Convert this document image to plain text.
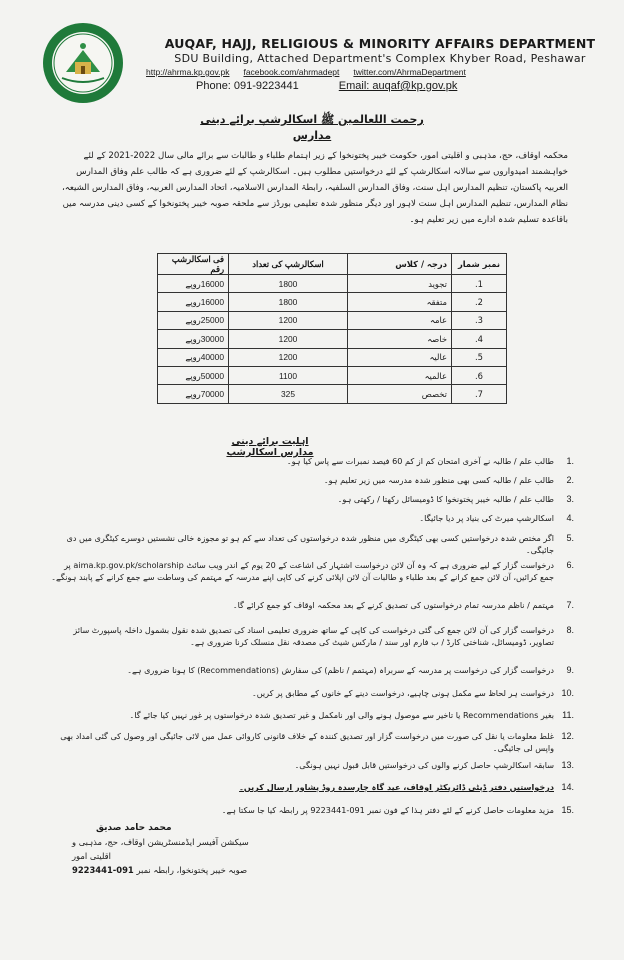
AUQAF, HAJJ, RELIGIOUS & MINORITY AFFAIRS DEPARTMENT
SDU Building, Attached Department's Complex Khyber Road, Peshawar
http://ahrma.kp.gov.pk facebook.com/ahrmadept twitter.com/AhrmaDepartment
Phone: 091-9223441	Email: auqaf@kp.gov.pk
رحمت اللعالمین ﷺ اسکالرشپ برائے دینی مدارس
محکمہ اوقاف، حج، مذہبی و اقلیتی امور، حکومت خیبر پختونخوا کے زیر اہتمام طلباء و طالبات سے برائے مالی سال 2022-2021 کے لئے خواہشمند امیدواروں سے سالانہ اسکالرشپ کے لئے درخواستیں مطلوب ہیں۔ اسکالرشپ کے لئے ضروری ہے کہ طالب علم وفاق المدارس العربیہ پاکستان، تنظیم المدارس اہل سنت، وفاق المدارس السلفیہ، رابطۃ المدارس الاسلامیہ، اتحاد المدارس العربیہ، وفاق المدارس الشیعہ، نظام المدارس، تنظیم المدارس اہل سنت لاہور اور دیگر منظور شدہ تعلیمی بورڈز سے ملحقہ صوبہ خیبر پختونخوا کے کسی دینی مدرسہ میں باقاعدہ تسلیم شدہ ادارے میں زیر تعلیم ہو۔
نمبر شمار	درجہ / کلاس	اسکالرشپ کی تعداد	فی اسکالرشپ رقم
1.	تجوید	1800	16000روپے
2.	متفقہ	1800	16000روپے
3.	عامہ	1200	25000روپے
4.	خاصہ	1200	30000روپے
5.	عالیہ	1200	40000روپے
6.	عالمیہ	1100	50000روپے
7.	تخصص	325	70000روپے
اہلیت برائے دینی مدارس اسکالرشپ
1.
طالب علم / طالبہ نے آخری امتحان کم از کم 60 فیصد نمبرات سے پاس کیا ہو۔
2.
طالب علم / طالبہ کسی بھی منظور شدہ مدرسہ میں زیر تعلیم ہو۔
3.
طالب علم / طالبہ خیبر پختونخوا کا ڈومیسائل رکھتا / رکھتی ہو۔
4.
اسکالرشپ میرٹ کی بنیاد پر دیا جائیگا۔
5.
اگر مختص شدہ درخواستیں کسی بھی کیٹگری میں منظور شدہ درخواستوں کی تعداد سے کم ہو تو مجوزہ خالی نشستیں دوسرے کیٹگری میں دی جائیگی۔
6.
درخواست گزار کے لیے ضروری ہے کہ وہ آن لائن درخواست اشتہار کی اشاعت کے 20 یوم کے اندر ویب سائٹ aima.kp.gov.pk/scholarship پر جمع کرائیں، آن لائن جمع کرانے کے بعد طلباء و طالبات آن لائن اپلائی کرنے کی کاپی اپنے مدرسہ کے مہتمم کی وساطت سے جمع کرانے کے پابند ہونگے۔
7.
مہتمم / ناظم مدرسہ تمام درخواستوں کی تصدیق کرنے کے بعد محکمہ اوقاف کو جمع کرائے گا۔
8.
درخواست گزار کی آن لائن جمع کی گئی درخواست کی کاپی کے ساتھ ضروری تعلیمی اسناد کی تصدیق شدہ نقول بشمول داخلہ پاسپورٹ سائز تصاویر، ڈومیسائل، شناختی کارڈ / ب فارم اور سند / مارکس شیٹ کی مصدقہ نقل منسلک کرنا ضروری ہے۔
9.
درخواست گزار کی درخواست پر مدرسہ کے سربراہ (مہتمم / ناظم) کی سفارش (Recommendations) کا ہونا ضروری ہے۔
10.
درخواست ہر لحاظ سے مکمل ہونی چاہیے، درخواست دینے کے خانوں کے مطابق پر کریں۔
11.
بغیر Recommendations یا تاخیر سے موصول ہونے والی اور نامکمل و غیر تصدیق شدہ درخواستوں پر غور نہیں کیا جائے گا۔
12.
غلط معلومات یا نقل کی صورت میں درخواست گزار اور تصدیق کنندہ کے خلاف قانونی کاروائی عمل میں لائی جائیگی اور وصول کی گئی امداد بھی واپس لی جائیگی۔
13.
سابقہ اسکالرشپ حاصل کرنے والوں کی درخواستیں قابل قبول نہیں ہونگی۔
14.
درخواستیں دفتر ڈپٹی ڈائریکٹر اوقاف، عید گاہ چارسدہ روڈ پشاور ارسال کریں۔
15.
مزید معلومات حاصل کرنے کے لئے دفتر ہذا کے فون نمبر 091-9223441 پر رابطہ کیا جا سکتا ہے۔
محمد حامد صدیق
سیکشن آفیسر ایڈمنسٹریشن اوقاف، حج، مذہبی و اقلیتی امور
صوبہ خیبر پختونخوا، رابطہ نمبر 091-9223441
